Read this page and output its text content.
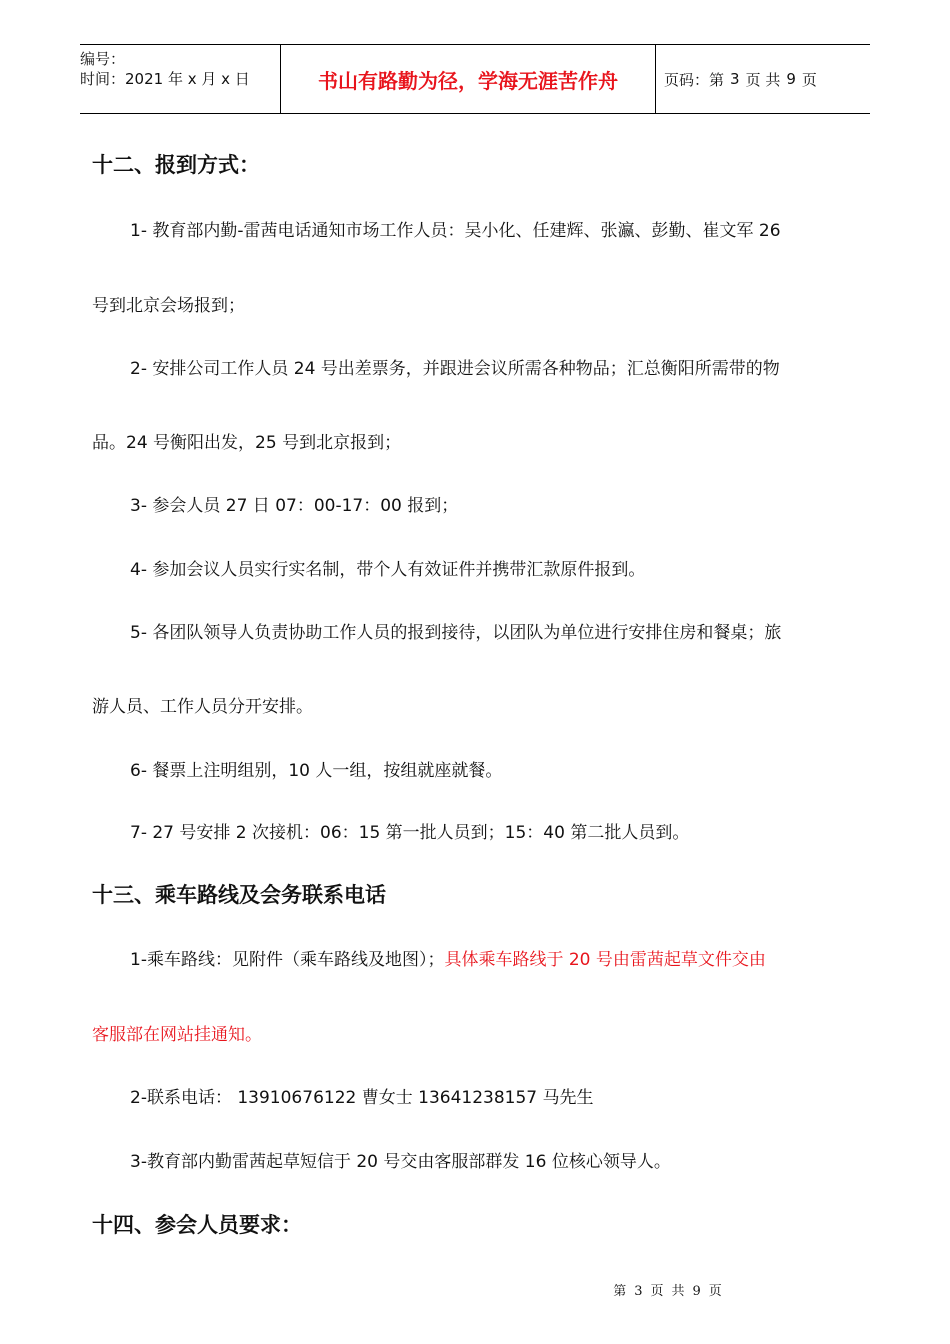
编号：
时间：2021 年 x 月 x 日	书山有路勤为径，学海无涯苦作舟	页码：第 3 页 共 9 页
十二、报到方式：
1- 教育部内勤-雷茜电话通知市场工作人员：吴小化、任建辉、张瀛、彭勤、崔文军 26
号到北京会场报到；
2- 安排公司工作人员 24 号出差票务，并跟进会议所需各种物品；汇总衡阳所需带的物
品。24 号衡阳出发，25 号到北京报到；
3- 参会人员 27 日 07：00-17：00 报到；
4- 参加会议人员实行实名制，带个人有效证件并携带汇款原件报到。
5- 各团队领导人负责协助工作人员的报到接待，以团队为单位进行安排住房和餐桌；旅
游人员、工作人员分开安排。
6- 餐票上注明组别，10 人一组，按组就座就餐。
7- 27 号安排 2 次接机：06：15 第一批人员到；15：40 第二批人员到。
十三、乘车路线及会务联系电话
1-乘车路线：见附件（乘车路线及地图）；具体乘车路线于 20 号由雷茜起草文件交由
客服部在网站挂通知。
2-联系电话： 13910676122 曹女士 13641238157 马先生
3-教育部内勤雷茜起草短信于 20 号交由客服部群发 16 位核心领导人。
十四、参会人员要求：
第 3 页 共 9 页
